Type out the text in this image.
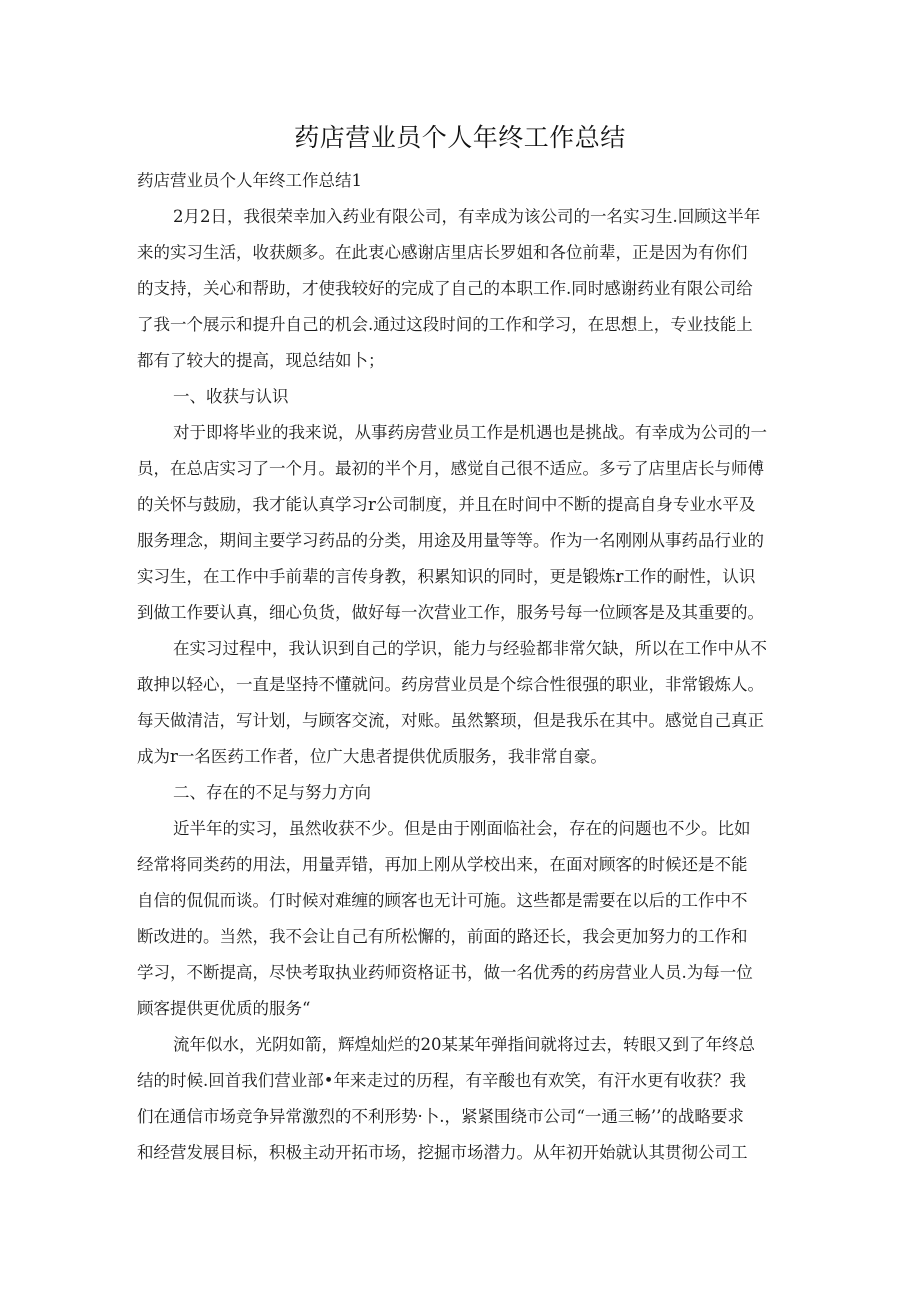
药店营业员个人年终工作总结
药店营业员个人年终工作总结1
2月2日，我很荣幸加入药业有限公司，有幸成为该公司的一名实习生.回顾这半年
来的实习生活，收获颇多。在此衷心感谢店里店长罗姐和各位前辈，正是因为有你们
的支持，关心和帮助，才使我较好的完成了自己的本职工作.同时感谢药业有限公司给
了我一个展示和提升自己的机会.通过这段时间的工作和学习，在思想上，专业技能上
都有了较大的提高，现总结如卜；
一、收获与认识
对于即将毕业的我来说，从事药房营业员工作是机遇也是挑战。有幸成为公司的一
员，在总店实习了一个月。最初的半个月，感觉自己很不适应。多亏了店里店长与师傅
的关怀与鼓励，我才能认真学习r公司制度，并且在时间中不断的提高自身专业水平及
服务理念，期间主要学习药品的分类，用途及用量等等。作为一名刚刚从事药品行业的
实习生，在工作中手前辈的言传身教，积累知识的同时，更是锻炼r工作的耐性，认识
到做工作要认真，细心负货，做好每一次营业工作，服务号每一位顾客是及其重要的。
在实习过程中，我认识到自己的学识，能力与经验都非常欠缺，所以在工作中从不
敢抻以轻心，一直是坚持不懂就问。药房营业员是个综合性很强的职业，非常锻炼人。
每天做清洁，写计划，与顾客交流，对账。虽然繁顼，但是我乐在其中。感觉自己真正
成为r一名医药工作者，位广大患者提供优质服务，我非常自豪。
二、存在的不足与努力方向
近半年的实习，虽然收获不少。但是由于刚面临社会，存在的问题也不少。比如
经常将同类药的用法，用量弄错，再加上刚从学校出来，在面对顾客的时候还是不能
自信的侃侃而谈。仃时候对难缠的顾客也无计可施。这些都是需要在以后的工作中不
断改进的。当然，我不会让自己有所松懈的，前面的路还长，我会更加努力的工作和
学习，不断提高，尽快考取执业药师资格证书，做一名优秀的药房营业人员.为每一位
顾客提供更优质的服务“
流年似水，光阴如箭，辉煌灿烂的20某某年弹指间就将过去，转眼又到了年终总
结的时候.回首我们营业部•年来走过的历程，有辛酸也有欢笑，有汗水更有收获？我
们在通信市场竞争异常激烈的不利形势·卜.，紧紧围绕市公司“一通三畅’’的战略要求
和经营发展目标，积极主动开拓市场，挖掘市场潜力。从年初开始就认其贯彻公司工
